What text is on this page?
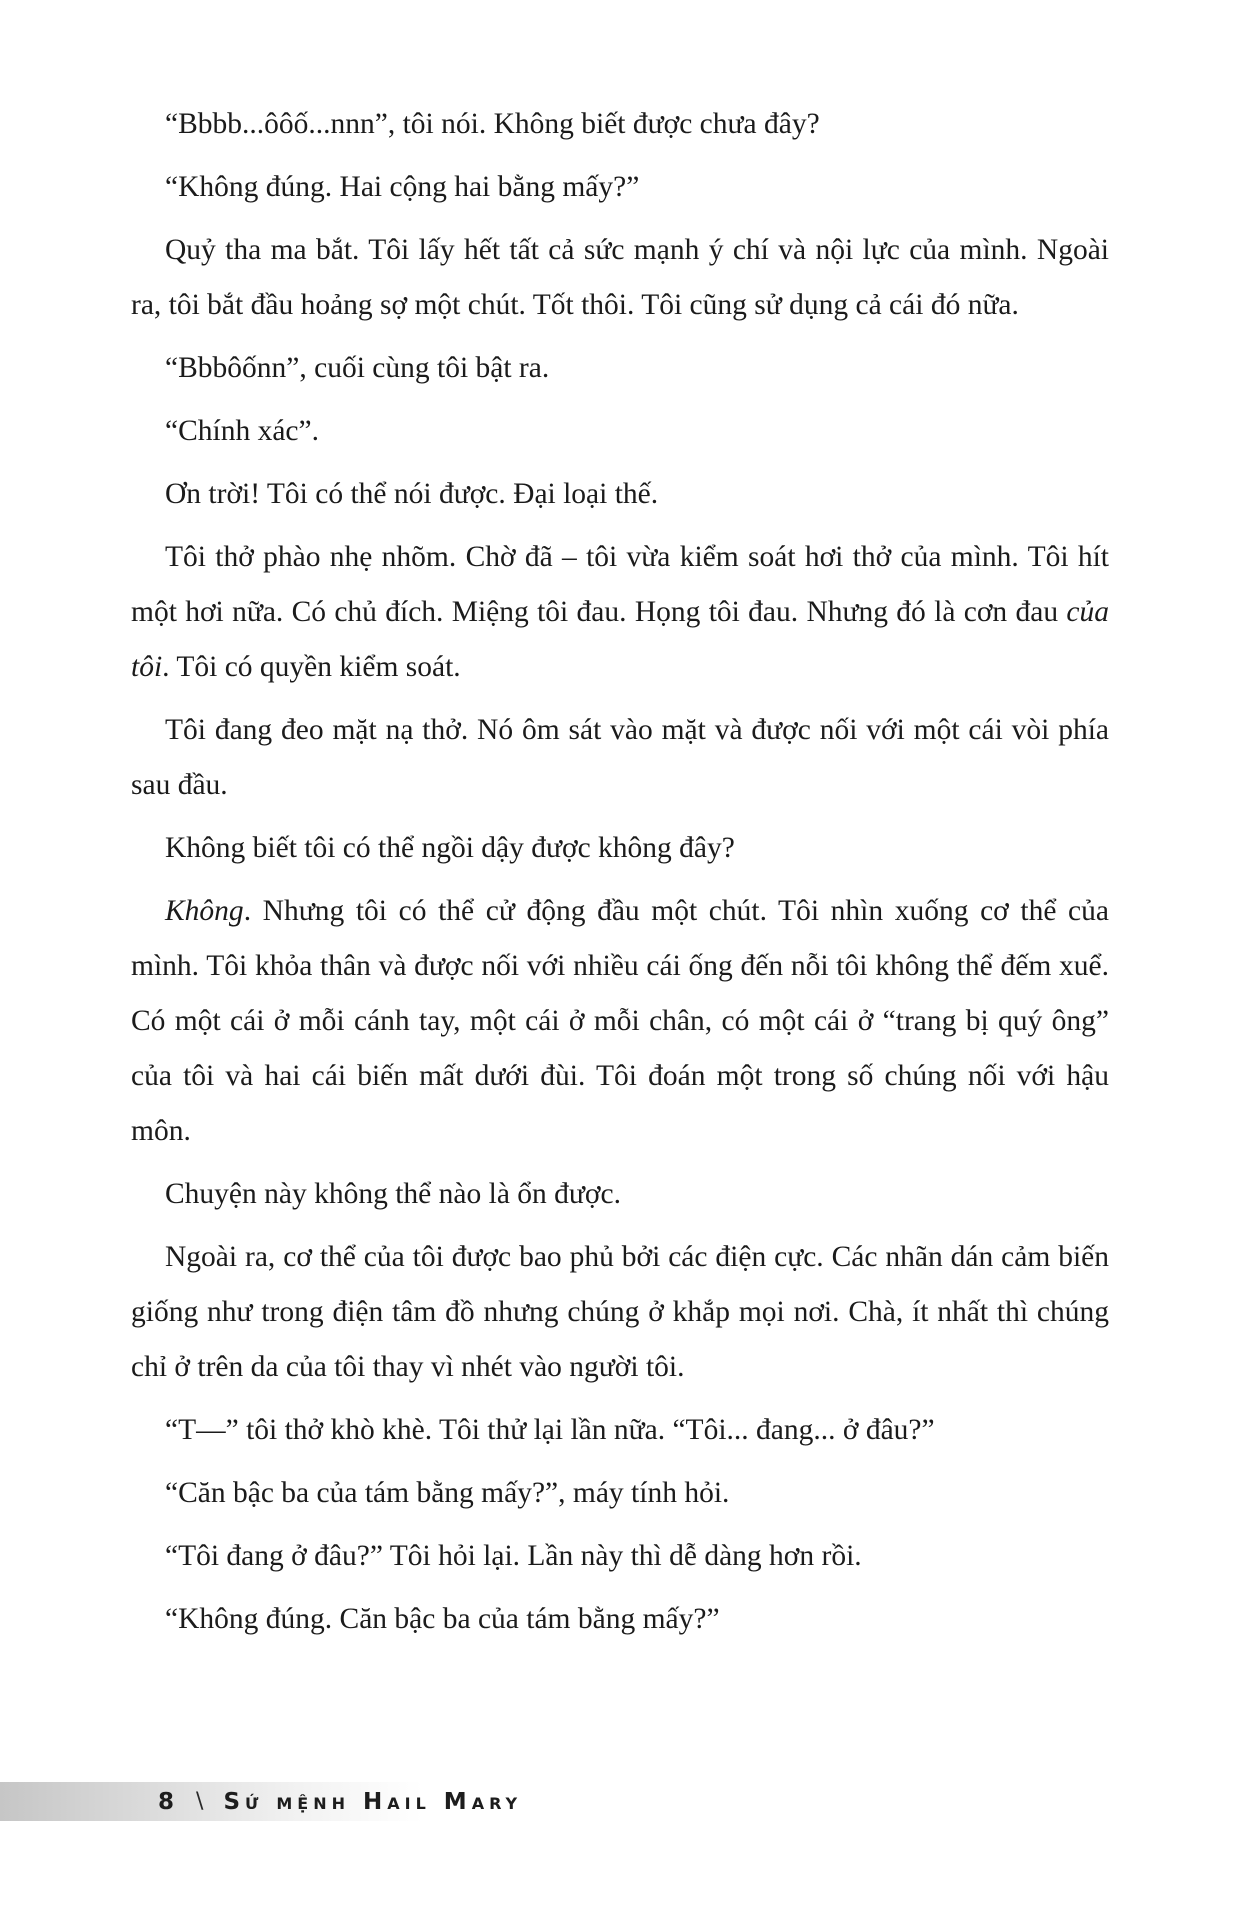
“Bbbb...ôôố...nnn”, tôi nói. Không biết được chưa đây?

“Không đúng. Hai cộng hai bằng mấy?”

Quỷ tha ma bắt. Tôi lấy hết tất cả sức mạnh ý chí và nội lực của mình. Ngoài ra, tôi bắt đầu hoảng sợ một chút. Tốt thôi. Tôi cũng sử dụng cả cái đó nữa.

“Bbbôốnn”, cuối cùng tôi bật ra.

“Chính xác”.

Ơn trời! Tôi có thể nói được. Đại loại thế.

Tôi thở phào nhẹ nhõm. Chờ đã – tôi vừa kiểm soát hơi thở của mình. Tôi hít một hơi nữa. Có chủ đích. Miệng tôi đau. Họng tôi đau. Nhưng đó là cơn đau của tôi. Tôi có quyền kiểm soát.

Tôi đang đeo mặt nạ thở. Nó ôm sát vào mặt và được nối với một cái vòi phía sau đầu.

Không biết tôi có thể ngồi dậy được không đây?

Không. Nhưng tôi có thể cử động đầu một chút. Tôi nhìn xuống cơ thể của mình. Tôi khỏa thân và được nối với nhiều cái ống đến nỗi tôi không thể đếm xuể. Có một cái ở mỗi cánh tay, một cái ở mỗi chân, có một cái ở “trang bị quý ông” của tôi và hai cái biến mất dưới đùi. Tôi đoán một trong số chúng nối với hậu môn.

Chuyện này không thể nào là ổn được.

Ngoài ra, cơ thể của tôi được bao phủ bởi các điện cực. Các nhãn dán cảm biến giống như trong điện tâm đồ nhưng chúng ở khắp mọi nơi. Chà, ít nhất thì chúng chỉ ở trên da của tôi thay vì nhét vào người tôi.

“T—” tôi thở khò khè. Tôi thử lại lần nữa. “Tôi... đang... ở đâu?”

“Căn bậc ba của tám bằng mấy?”, máy tính hỏi.

“Tôi đang ở đâu?” Tôi hỏi lại. Lần này thì dễ dàng hơn rồi.

“Không đúng. Căn bậc ba của tám bằng mấy?”

8 \ Sứ mệnh Hail Mary
